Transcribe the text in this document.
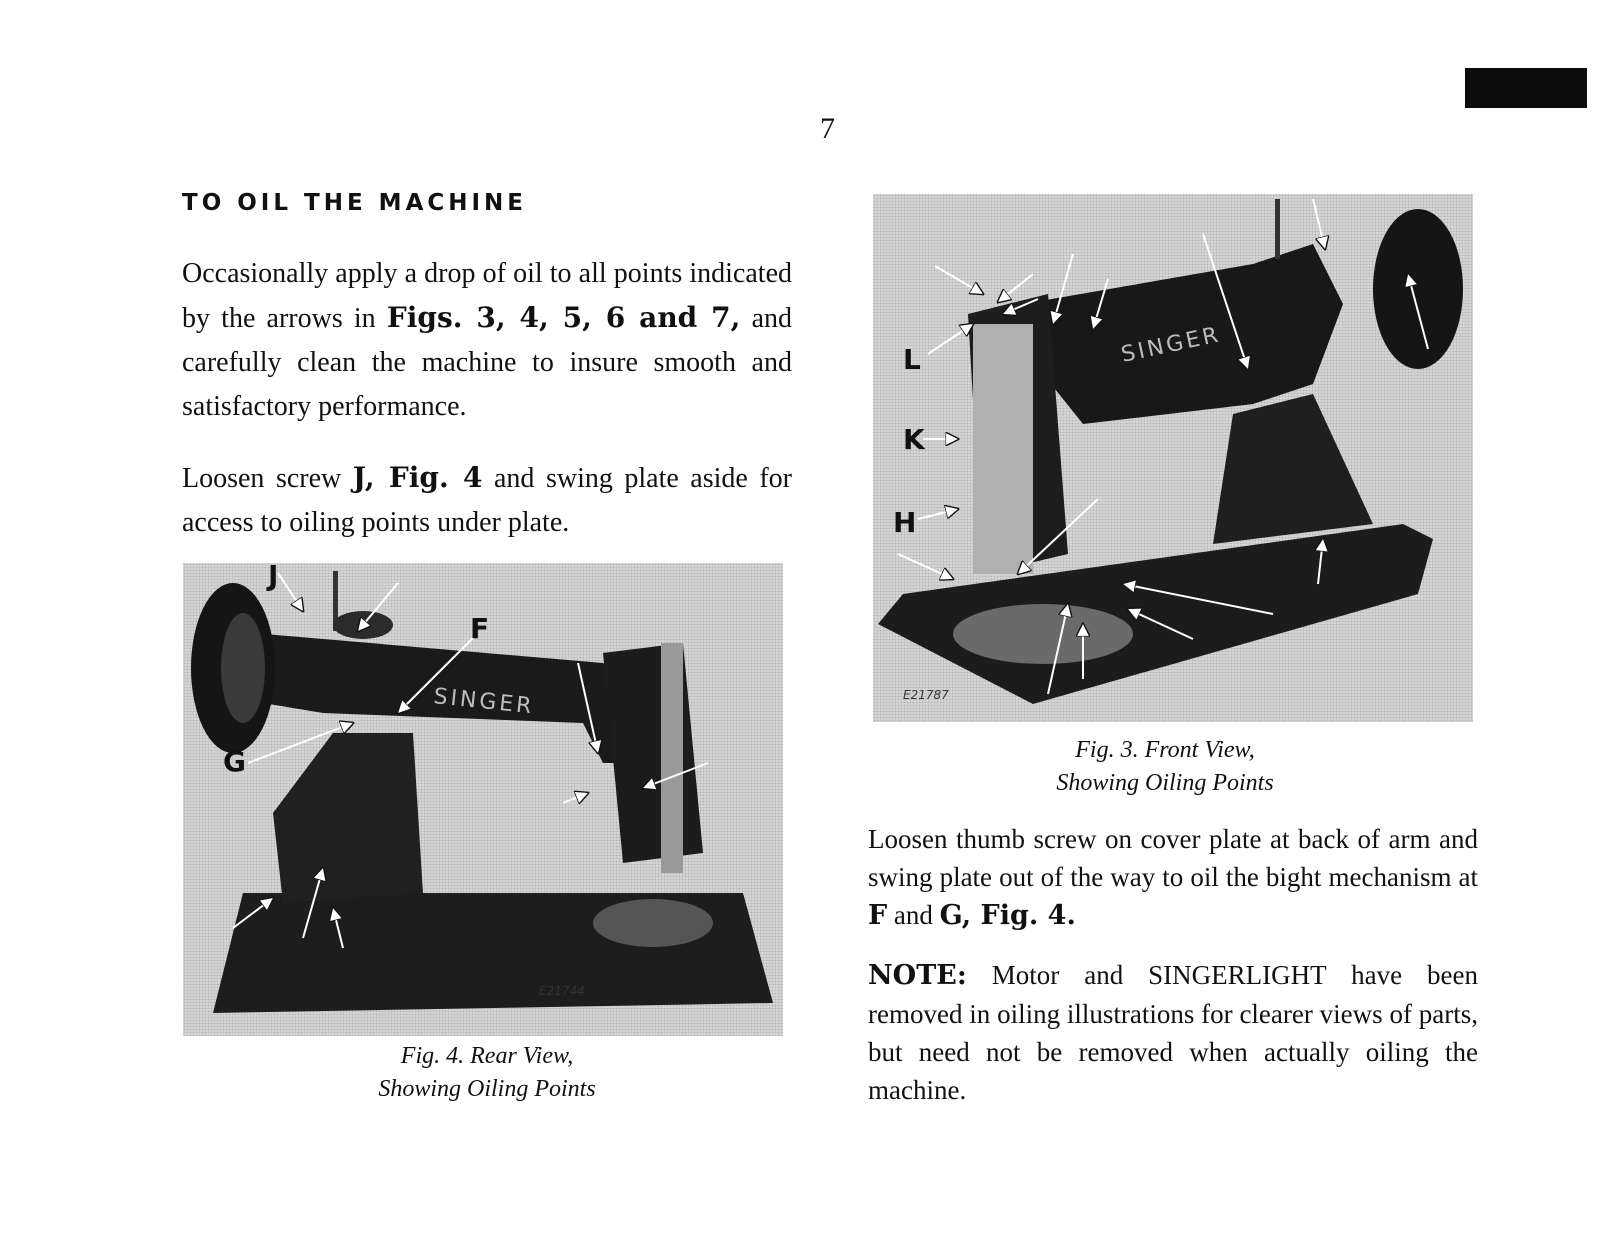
7
TO OIL THE MACHINE

Occasionally apply a drop of oil to all points indicated by the arrows in Figs. 3, 4, 5, 6 and 7, and carefully clean the machine to insure smooth and satisfactory performance.

Loosen screw J, Fig. 4 and swing plate aside for access to oiling points under plate.

SINGER
J
F
G
E21744
Fig. 4. Rear View,
Showing Oiling Points
SINGER
L
K
H
E21787
Fig. 3. Front View,
Showing Oiling Points

Loosen thumb screw on cover plate at back of arm and swing plate out of the way to oil the bight mechanism at F and G, Fig. 4.

NOTE: Motor and SINGERLIGHT have been removed in oiling illustrations for clearer views of parts, but need not be removed when actually oiling the machine.
